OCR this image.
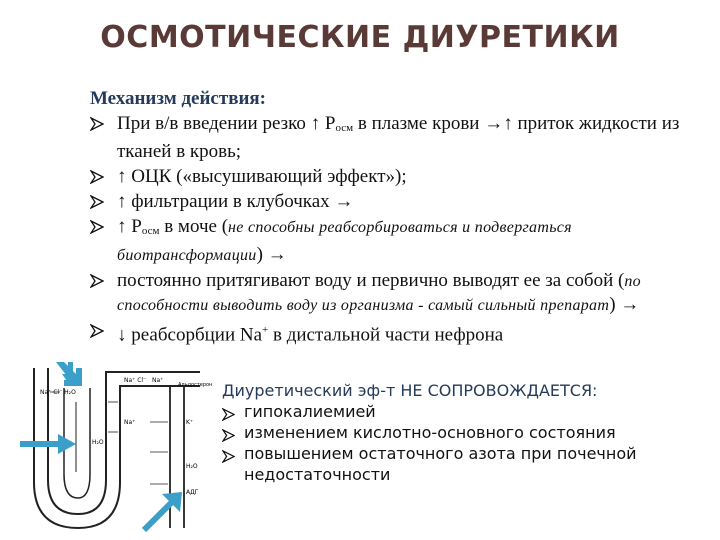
ОСМОТИЧЕСКИЕ ДИУРЕТИКИ
Механизм действия:
При в/в введении резко ↑ $Р_{осм}$ в плазме крови →↑ приток жидкости из тканей в кровь;
↑ ОЦК («высушивающий эффект»);
↑ фильтрации в клубочках →
↑ $Р_{осм}$ в моче (не способны реабсорбироваться и подвергаться биотрансформации) →
постоянно притягивают воду и первично выводят ее за собой (по способности выводить воду из организма - самый сильный препарат) →
↓ реабсорбции Na+ в дистальной части нефрона
Na⁺ Cl⁻ H₂O
Na⁺ Cl⁻ Na⁺
Альдостерон
K⁺
H₂O
H₂O
АДГ
Na⁺
Диуретический эф-т НЕ СОПРОВОЖДАЕТСЯ:
гипокалиемией
изменением кислотно-основного состояния
повышением остаточного азота при почечной недостаточности
